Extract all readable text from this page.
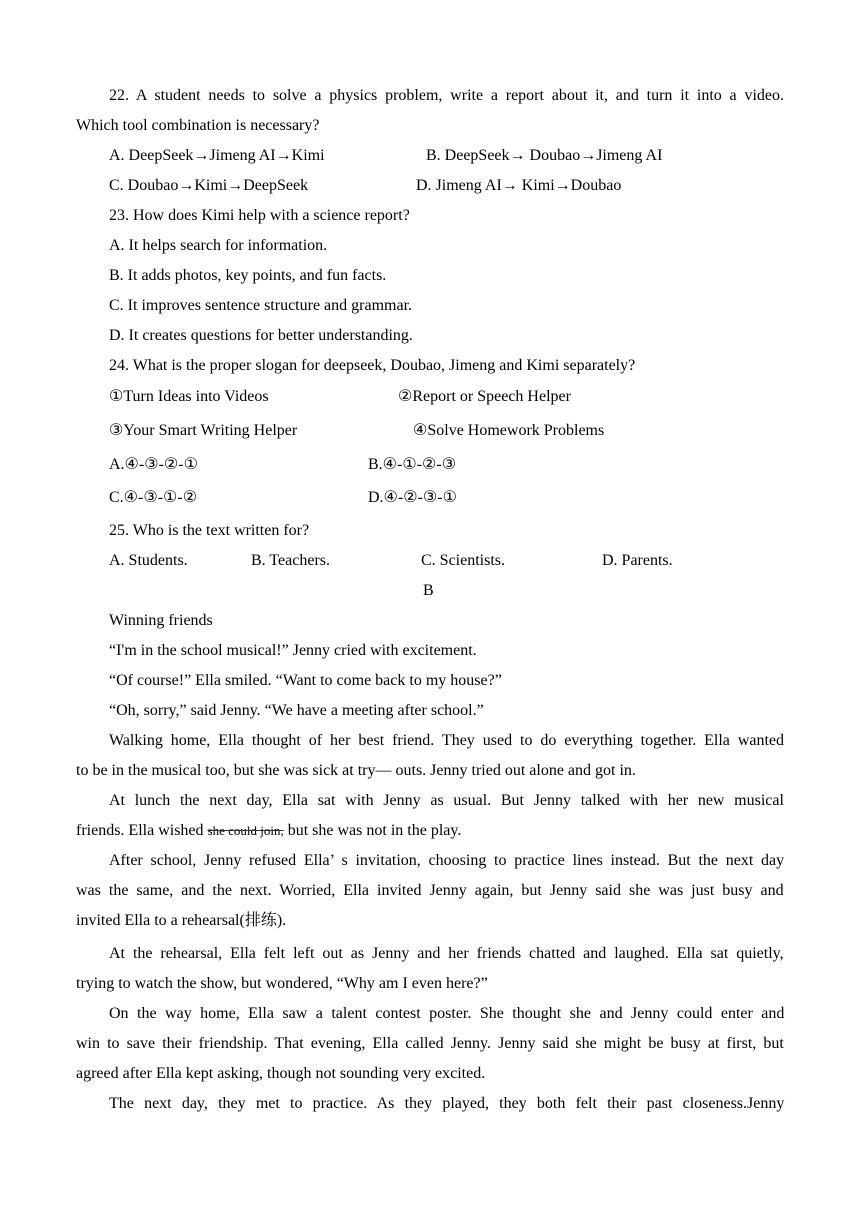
22. A student needs to solve a physics problem, write a report about it, and turn it into a video.
Which tool combination is necessary?
A. DeepSeek→Jimeng AI→Kimi	B. DeepSeek→ Doubao→Jimeng AI
C. Doubao→Kimi→DeepSeek	D. Jimeng AI→ Kimi→Doubao
23. How does Kimi help with a science report?
A. It helps search for information.
B. It adds photos, key points, and fun facts.
C. It improves sentence structure and grammar.
D. It creates questions for better understanding.
24. What is the proper slogan for deepseek, Doubao, Jimeng and Kimi separately?
①Turn Ideas into Videos	②Report or Speech Helper
③Your Smart Writing Helper	④Solve Homework Problems
A.④-③-②-①	B.④-①-②-③
C.④-③-①-②	D.④-②-③-①
25. Who is the text written for?
A. Students.	B. Teachers.	C. Scientists.	D. Parents.
B
Winning friends
“I'm in the school musical!” Jenny cried with excitement.
“Of course!” Ella smiled. “Want to come back to my house?”
“Oh, sorry,” said Jenny. “We have a meeting after school.”
Walking home, Ella thought of her best friend. They used to do everything together. Ella wanted
to be in the musical too, but she was sick at try— outs. Jenny tried out alone and got in.
At lunch the next day, Ella sat with Jenny as usual. But Jenny talked with her new musical
friends. Ella wished she could join, but she was not in the play.
After school, Jenny refused Ella’ s invitation, choosing to practice lines instead. But the next day
was the same, and the next. Worried, Ella invited Jenny again, but Jenny said she was just busy and
invited Ella to a rehearsal(排练).
At the rehearsal, Ella felt left out as Jenny and her friends chatted and laughed. Ella sat quietly,
trying to watch the show, but wondered, “Why am I even here?”
On the way home, Ella saw a talent contest poster. She thought she and Jenny could enter and
win to save their friendship. That evening, Ella called Jenny. Jenny said she might be busy at first, but
agreed after Ella kept asking, though not sounding very excited.
The next day, they met to practice. As they played, they both felt their past closeness.Jenny
